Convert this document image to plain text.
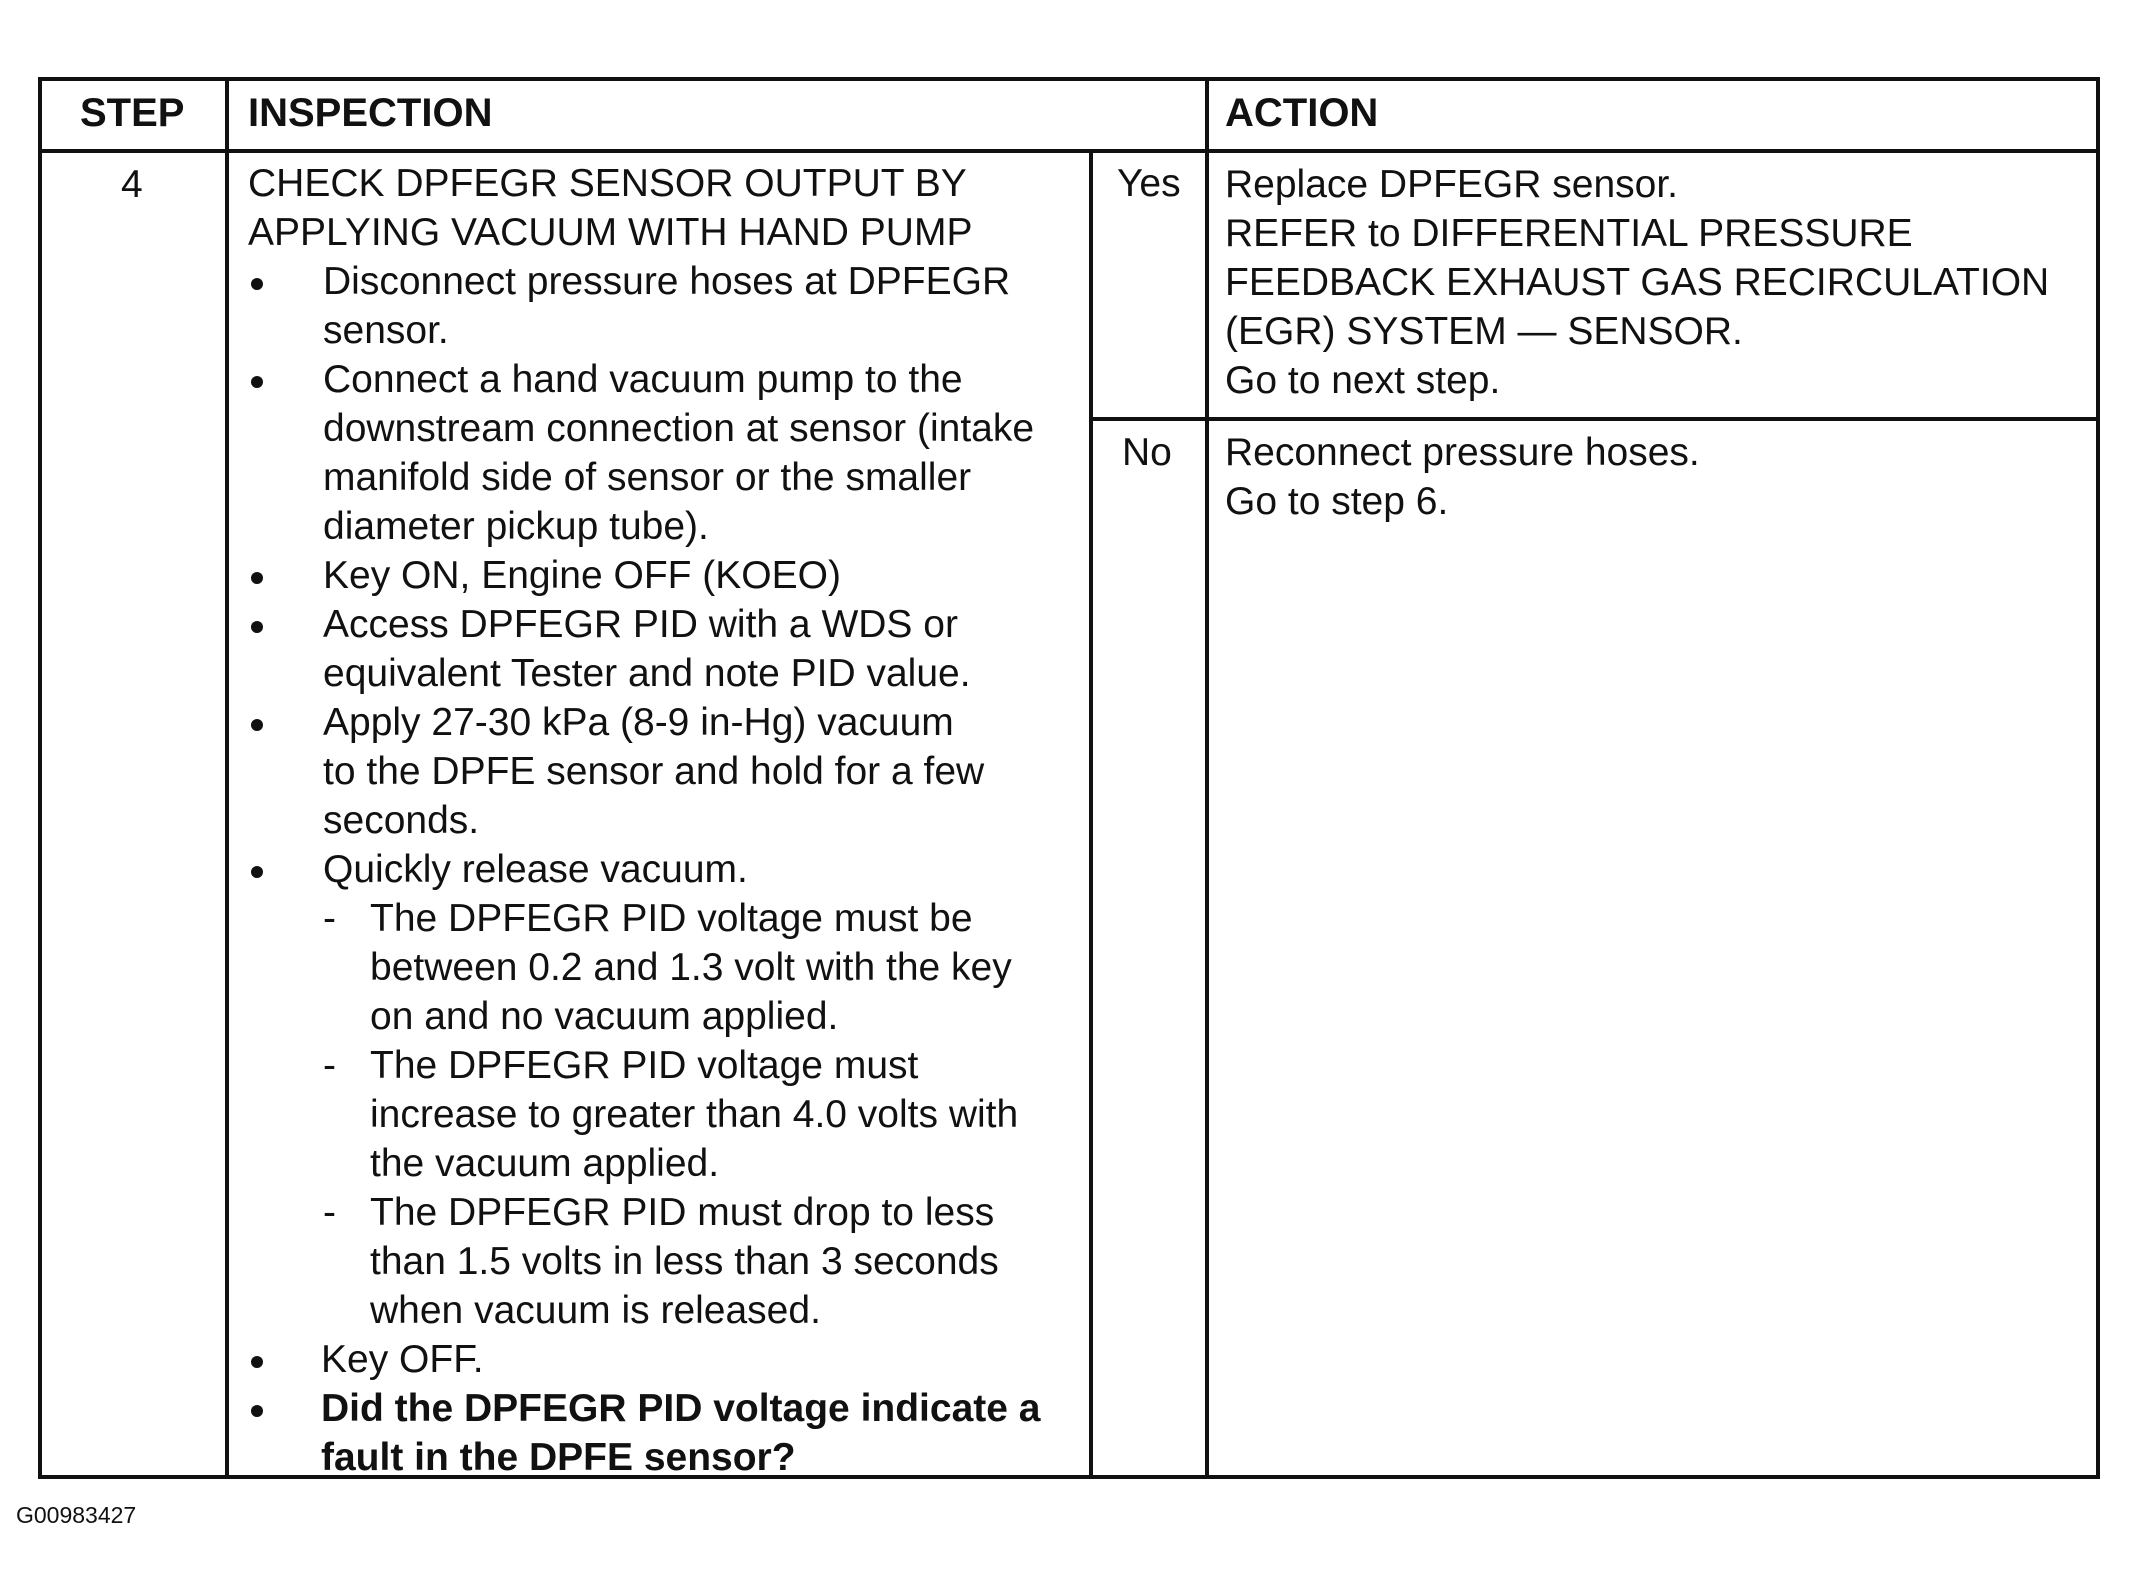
STEP INSPECTION	ACTION
4	CHECK DPFEGR SENSOR OUTPUT BY
APPLYING VACUUM WITH HAND PUMP
Disconnect pressure hoses at DPFEGR
sensor.
Connect a hand vacuum pump to the
downstream connection at sensor (intake
manifold side of sensor or the smaller
diameter pickup tube).
Key ON, Engine OFF (KOEO)
Access DPFEGR PID with a WDS or
equivalent Tester and note PID value.
Apply 27-30 kPa (8-9 in-Hg) vacuum
to the DPFE sensor and hold for a few
seconds.
Quickly release vacuum.
- The DPFEGR PID voltage must be
between 0.2 and 1.3 volt with the key
on and no vacuum applied.
- The DPFEGR PID voltage must
increase to greater than 4.0 volts with
the vacuum applied.
- The DPFEGR PID must drop to less
than 1.5 volts in less than 3 seconds
when vacuum is released.
Key OFF.
Did the DPFEGR PID voltage indicate a
fault in the DPFE sensor?
Yes
No
Replace DPFEGR sensor.
REFER to DIFFERENTIAL PRESSURE
FEEDBACK EXHAUST GAS RECIRCULATION
(EGR) SYSTEM — SENSOR.
Go to next step.
Reconnect pressure hoses.
Go to step 6.
G00983427
